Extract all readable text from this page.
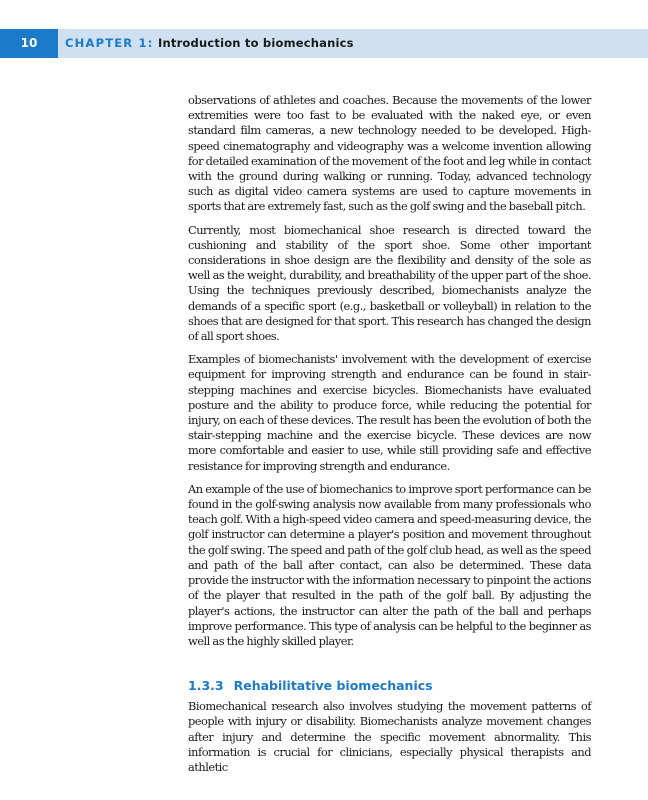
10	CHAPTER 1: Introduction to biomechanics

observations of athletes and coaches. Because the movements of the lower extremities were too fast to be evaluated with the naked eye, or even standard film cameras, a new technology needed to be developed. High-speed cinematography and videography was a welcome invention allowing for detailed examination of the movement of the foot and leg while in contact with the ground during walking or running. Today, advanced technology such as digital video camera systems are used to capture movements in sports that are extremely fast, such as the golf swing and the baseball pitch.

Currently, most biomechanical shoe research is directed toward the cushioning and stability of the sport shoe. Some other important considerations in shoe design are the flexibility and density of the sole as well as the weight, durability, and breathability of the upper part of the shoe. Using the techniques previously described, biomechanists analyze the demands of a specific sport (e.g., basketball or volleyball) in relation to the shoes that are designed for that sport. This research has changed the design of all sport shoes.

Examples of biomechanists' involvement with the development of exercise equipment for improving strength and endurance can be found in stair-stepping machines and exercise bicycles. Biomechanists have evaluated posture and the ability to produce force, while reducing the potential for injury, on each of these devices. The result has been the evolution of both the stair-stepping machine and the exercise bicycle. These devices are now more comfortable and easier to use, while still providing safe and effective resistance for improving strength and endurance.

An example of the use of biomechanics to improve sport performance can be found in the golf-swing analysis now available from many professionals who teach golf. With a high-speed video camera and speed-measuring device, the golf instructor can determine a player's position and movement throughout the golf swing. The speed and path of the golf club head, as well as the speed and path of the ball after contact, can also be determined. These data provide the instructor with the information necessary to pinpoint the actions of the player that resulted in the path of the golf ball. By adjusting the player's actions, the instructor can alter the path of the ball and perhaps improve performance. This type of analysis can be helpful to the beginner as well as the highly skilled player.

1.3.3 Rehabilitative biomechanics

Biomechanical research also involves studying the movement patterns of people with injury or disability. Biomechanists analyze movement changes after injury and determine the specific movement abnormality. This information is crucial for clinicians, especially physical therapists and athletic
